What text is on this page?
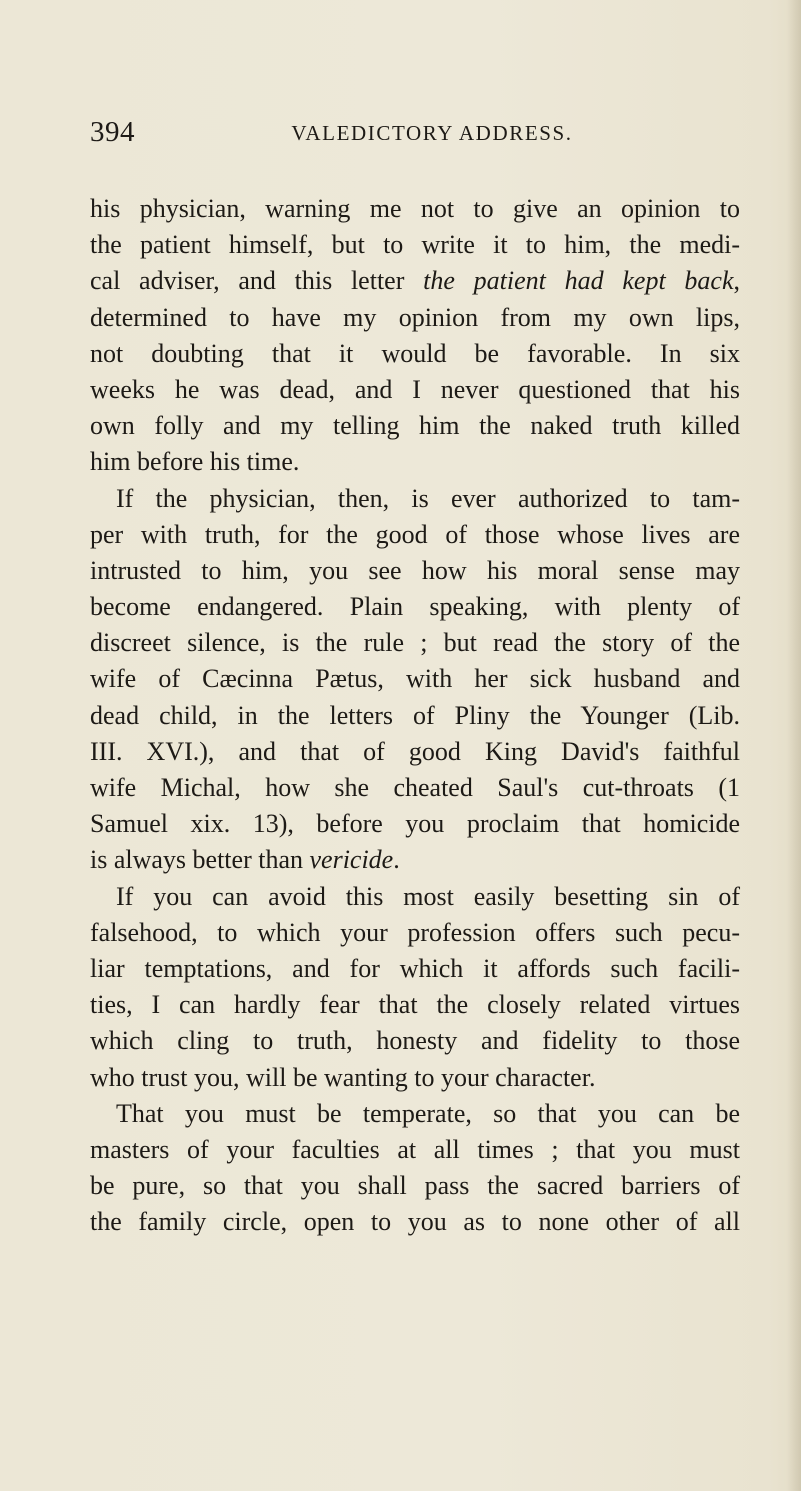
394	VALEDICTORY ADDRESS.
his physician, warning me not to give an opinion to
the patient himself, but to write it to him, the medi-
cal adviser, and this letter the patient had kept back,
determined to have my opinion from my own lips,
not doubting that it would be favorable. In six
weeks he was dead, and I never questioned that his
own folly and my telling him the naked truth killed
him before his time.
If the physician, then, is ever authorized to tam-
per with truth, for the good of those whose lives are
intrusted to him, you see how his moral sense may
become endangered. Plain speaking, with plenty of
discreet silence, is the rule ; but read the story of the
wife of Cæcinna Pætus, with her sick husband and
dead child, in the letters of Pliny the Younger (Lib.
III. XVI.), and that of good King David's faithful
wife Michal, how she cheated Saul's cut-throats (1
Samuel xix. 13), before you proclaim that homicide
is always better than vericide.
If you can avoid this most easily besetting sin of
falsehood, to which your profession offers such pecu-
liar temptations, and for which it affords such facili-
ties, I can hardly fear that the closely related virtues
which cling to truth, honesty and fidelity to those
who trust you, will be wanting to your character.
That you must be temperate, so that you can be
masters of your faculties at all times ; that you must
be pure, so that you shall pass the sacred barriers of
the family circle, open to you as to none other of all
